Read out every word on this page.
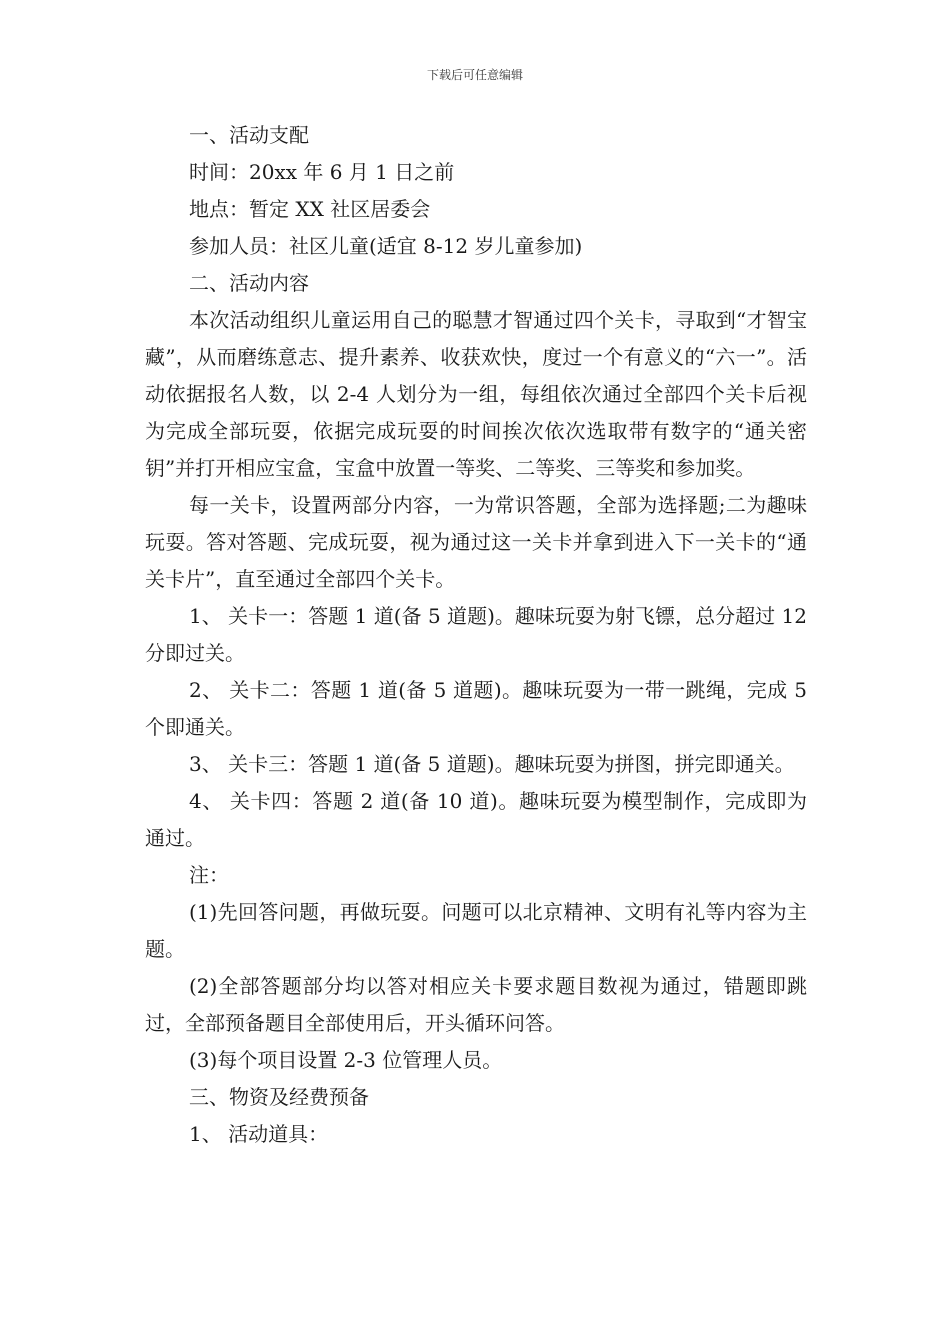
下载后可任意编辑

一、活动支配

时间：20xx 年 6 月 1 日之前

地点：暂定 XX 社区居委会

参加人员：社区儿童(适宜 8-12 岁儿童参加)

二、活动内容

本次活动组织儿童运用自己的聪慧才智通过四个关卡，寻取到“才智宝藏”，从而磨练意志、提升素养、收获欢快，度过一个有意义的“六一”。活动依据报名人数，以 2-4 人划分为一组，每组依次通过全部四个关卡后视为完成全部玩耍，依据完成玩耍的时间挨次依次选取带有数字的“通关密钥”并打开相应宝盒，宝盒中放置一等奖、二等奖、三等奖和参加奖。

每一关卡，设置两部分内容，一为常识答题，全部为选择题;二为趣味玩耍。答对答题、完成玩耍，视为通过这一关卡并拿到进入下一关卡的“通关卡片”，直至通过全部四个关卡。

1、 关卡一：答题 1 道(备 5 道题)。趣味玩耍为射飞镖，总分超过 12 分即过关。

2、 关卡二：答题 1 道(备 5 道题)。趣味玩耍为一带一跳绳，完成 5 个即通关。

3、 关卡三：答题 1 道(备 5 道题)。趣味玩耍为拼图，拼完即通关。

4、 关卡四：答题 2 道(备 10 道)。趣味玩耍为模型制作，完成即为通过。

注：

(1)先回答问题，再做玩耍。问题可以北京精神、文明有礼等内容为主题。

(2)全部答题部分均以答对相应关卡要求题目数视为通过，错题即跳过，全部预备题目全部使用后，开头循环问答。

(3)每个项目设置 2-3 位管理人员。

三、物资及经费预备

1、 活动道具：
